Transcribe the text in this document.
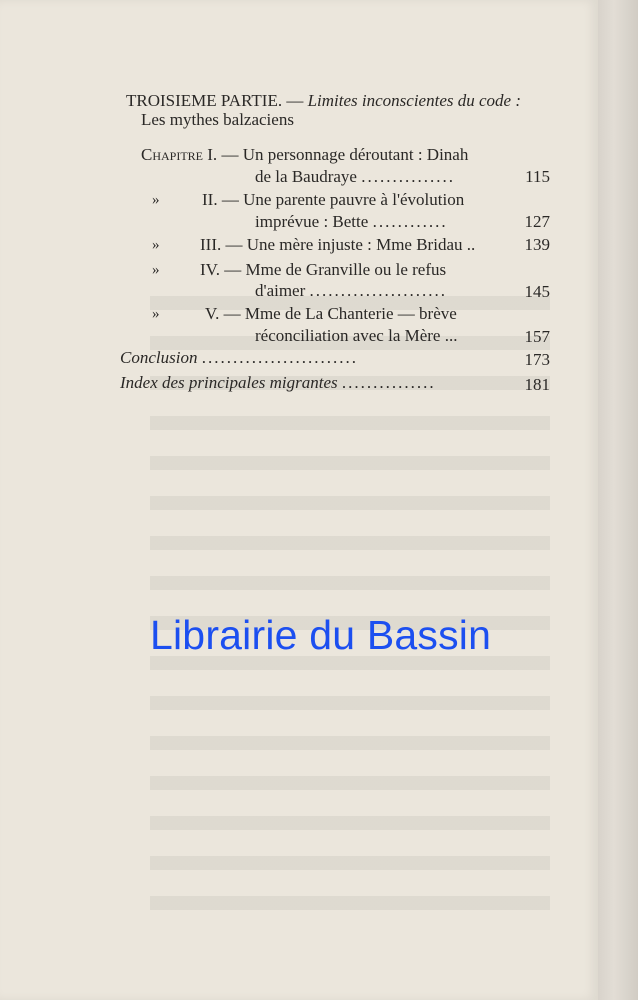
TROISIEME PARTIE. — Limites inconscientes du code :
Les mythes balzaciens
Chapitre I. — Un personnage déroutant : Dinah
de la Baudraye ...............	115
»	II. — Une parente pauvre à l'évolution
imprévue : Bette ............	127
» III. — Une mère injuste : Mme Bridau ..	139
» IV. — Mme de Granville ou le refus
d'aimer ......................	145
»	V. — Mme de La Chanterie — brève
réconciliation avec la Mère ...	157
Conclusion .........................	173
Index des principales migrantes ...............	181
Librairie du Bassin
